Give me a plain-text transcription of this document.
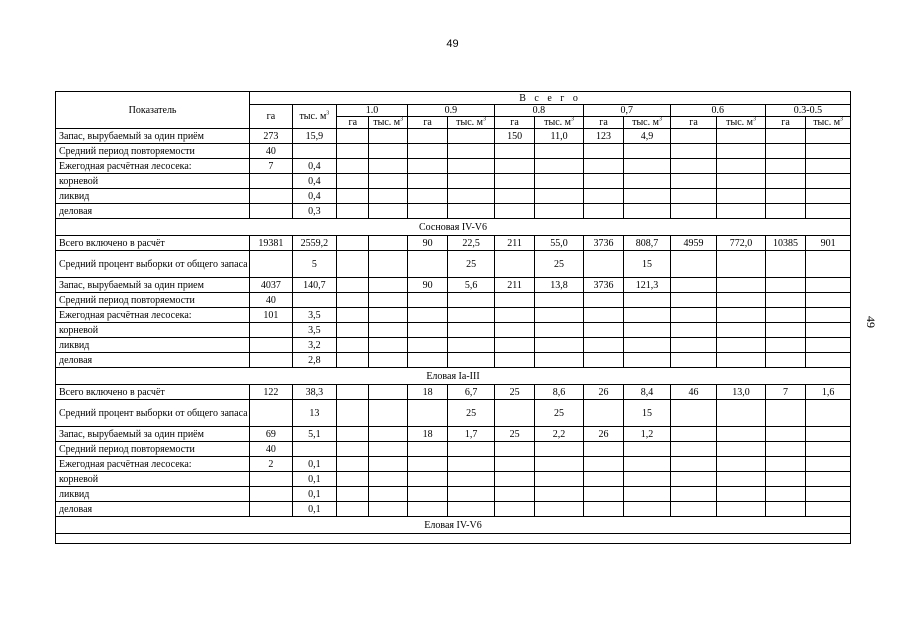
49
49
Показатель	В с е г о													
	га	тыс. $м^3$	1.0		0.9		0.8		0,7		0.6		0.3-0.5	
			га	тыс. $м^3$	га	тыс. $м^3$	га	тыс. $м^3$	га	тыс. $м^3$	га	тыс. $м^3$	га	тыс. $м^3$
Запас, вырубаемый за один приём	273	15,9					150	11,0	123	4,9				
Средний период повторяемости	40													
Ежегодная расчётная лесосека:	7	0,4												
корневой		0,4												
ликвид		0,4												
деловая		0,3												
Сосновая IV-V6														
Всего включено в расчёт	19381	2559,2			90	22,5	211	55,0	3736	808,7	4959	772,0	10385	901
Средний процент выборки от общего запаса		5				25		25		15				
Запас, вырубаемый за один прием	4037	140,7			90	5,6	211	13,8	3736	121,3				
Средний период повторяемости	40													
Ежегодная расчётная лесосека:	101	3,5												
корневой		3,5												
ликвид		3,2												
деловая		2,8												
Еловая Ia-III														
Всего включено в расчёт	122	38,3			18	6,7	25	8,6	26	8,4	46	13,0	7	1,6
Средний процент выборки от общего запаса		13				25		25		15				
Запас, вырубаемый за один приём	69	5,1			18	1,7	25	2,2	26	1,2				
Средний период повторяемости	40													
Ежегодная расчётная лесосека:	2	0,1												
корневой		0,1												
ликвид		0,1												
деловая		0,1												
Еловая IV-V6														
